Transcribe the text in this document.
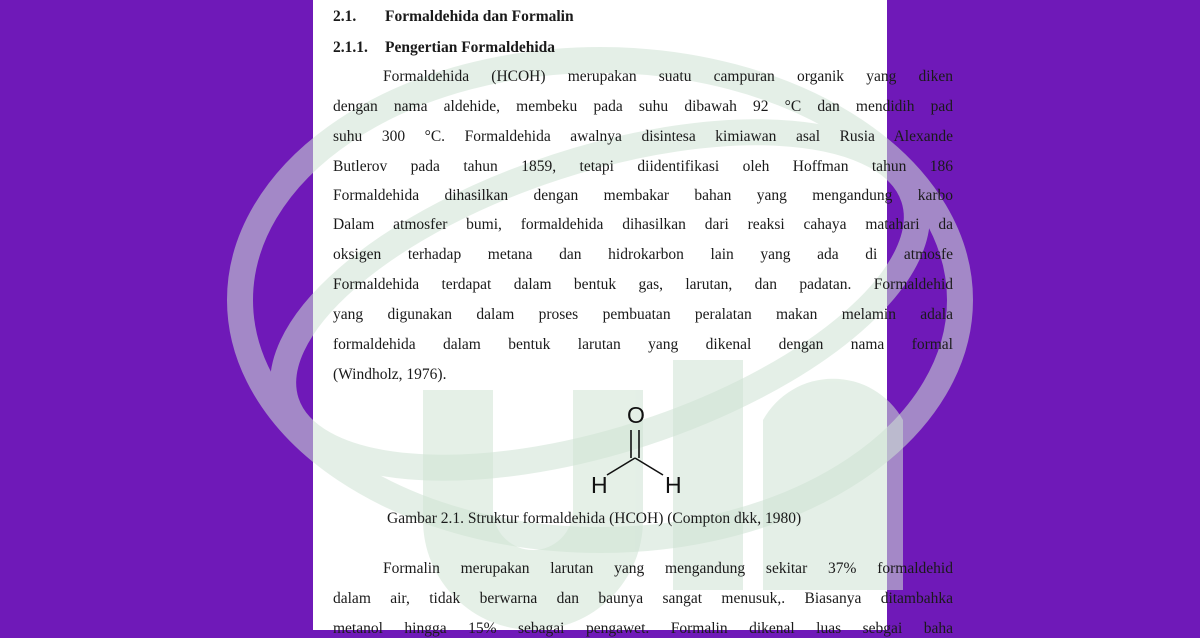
2.1. Formaldehida dan Formalin
2.1.1. Pengertian Formaldehida
Formaldehida (HCOH) merupakan suatu campuran organik yang diken
dengan nama aldehide, membeku pada suhu dibawah 92 °C dan mendidih pad
suhu 300 °C. Formaldehida awalnya disintesa kimiawan asal Rusia Alexande
Butlerov pada tahun 1859, tetapi diidentifikasi oleh Hoffman tahun 186
Formaldehida dihasilkan dengan membakar bahan yang mengandung karbo
Dalam atmosfer bumi, formaldehida dihasilkan dari reaksi cahaya matahari da
oksigen terhadap metana dan hidrokarbon lain yang ada di atmosfe
Formaldehida terdapat dalam bentuk gas, larutan, dan padatan. Formaldehid
yang digunakan dalam proses pembuatan peralatan makan melamin adala
formaldehida dalam bentuk larutan yang dikenal dengan nama formal
(Windholz, 1976).
O
H H
Gambar 2.1. Struktur formaldehida (HCOH) (Compton dkk, 1980)
Formalin merupakan larutan yang mengandung sekitar 37% formaldehid
dalam air, tidak berwarna dan baunya sangat menusuk,. Biasanya ditambahka
metanol hingga 15% sebagai pengawet. Formalin dikenal luas sebgai baha
